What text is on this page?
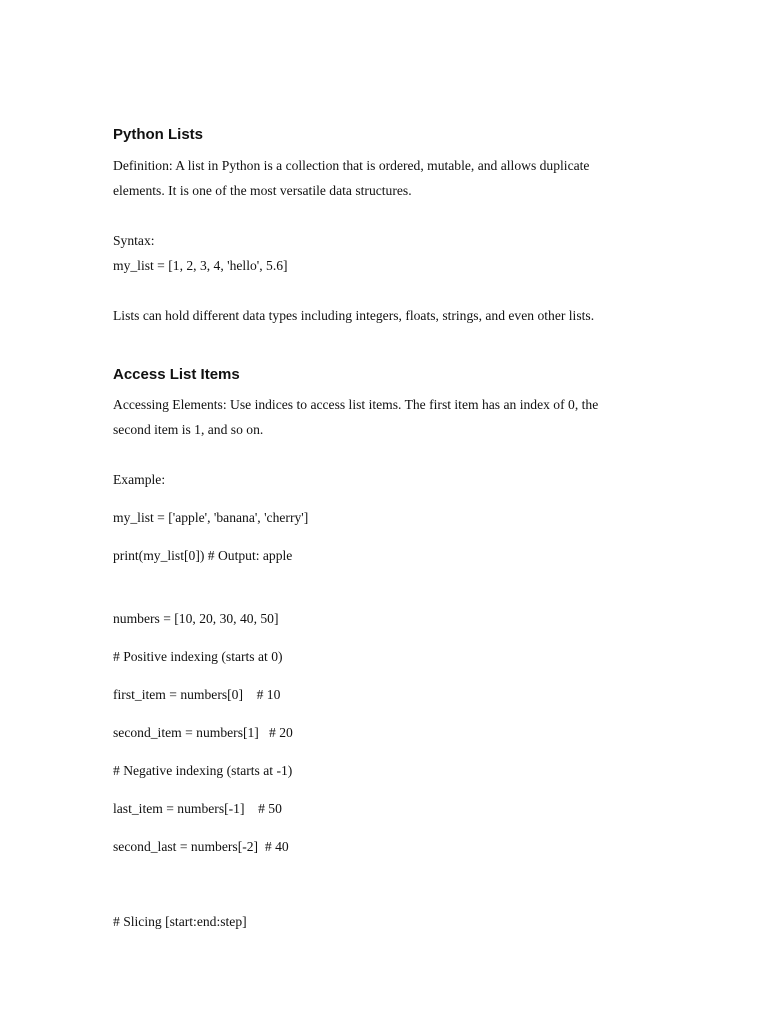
Python Lists

Definition: A list in Python is a collection that is ordered, mutable, and allows duplicate

elements. It is one of the most versatile data structures.

Syntax:

my_list = [1, 2, 3, 4, 'hello', 5.6]

Lists can hold different data types including integers, floats, strings, and even other lists.

Access List Items

Accessing Elements: Use indices to access list items. The first item has an index of 0, the

second item is 1, and so on.

Example:

my_list = ['apple', 'banana', 'cherry']

print(my_list[0]) # Output: apple

numbers = [10, 20, 30, 40, 50]

# Positive indexing (starts at 0)

first_item = numbers[0]    # 10

second_item = numbers[1]   # 20

# Negative indexing (starts at -1)

last_item = numbers[-1]    # 50

second_last = numbers[-2]  # 40

# Slicing [start:end:step]
